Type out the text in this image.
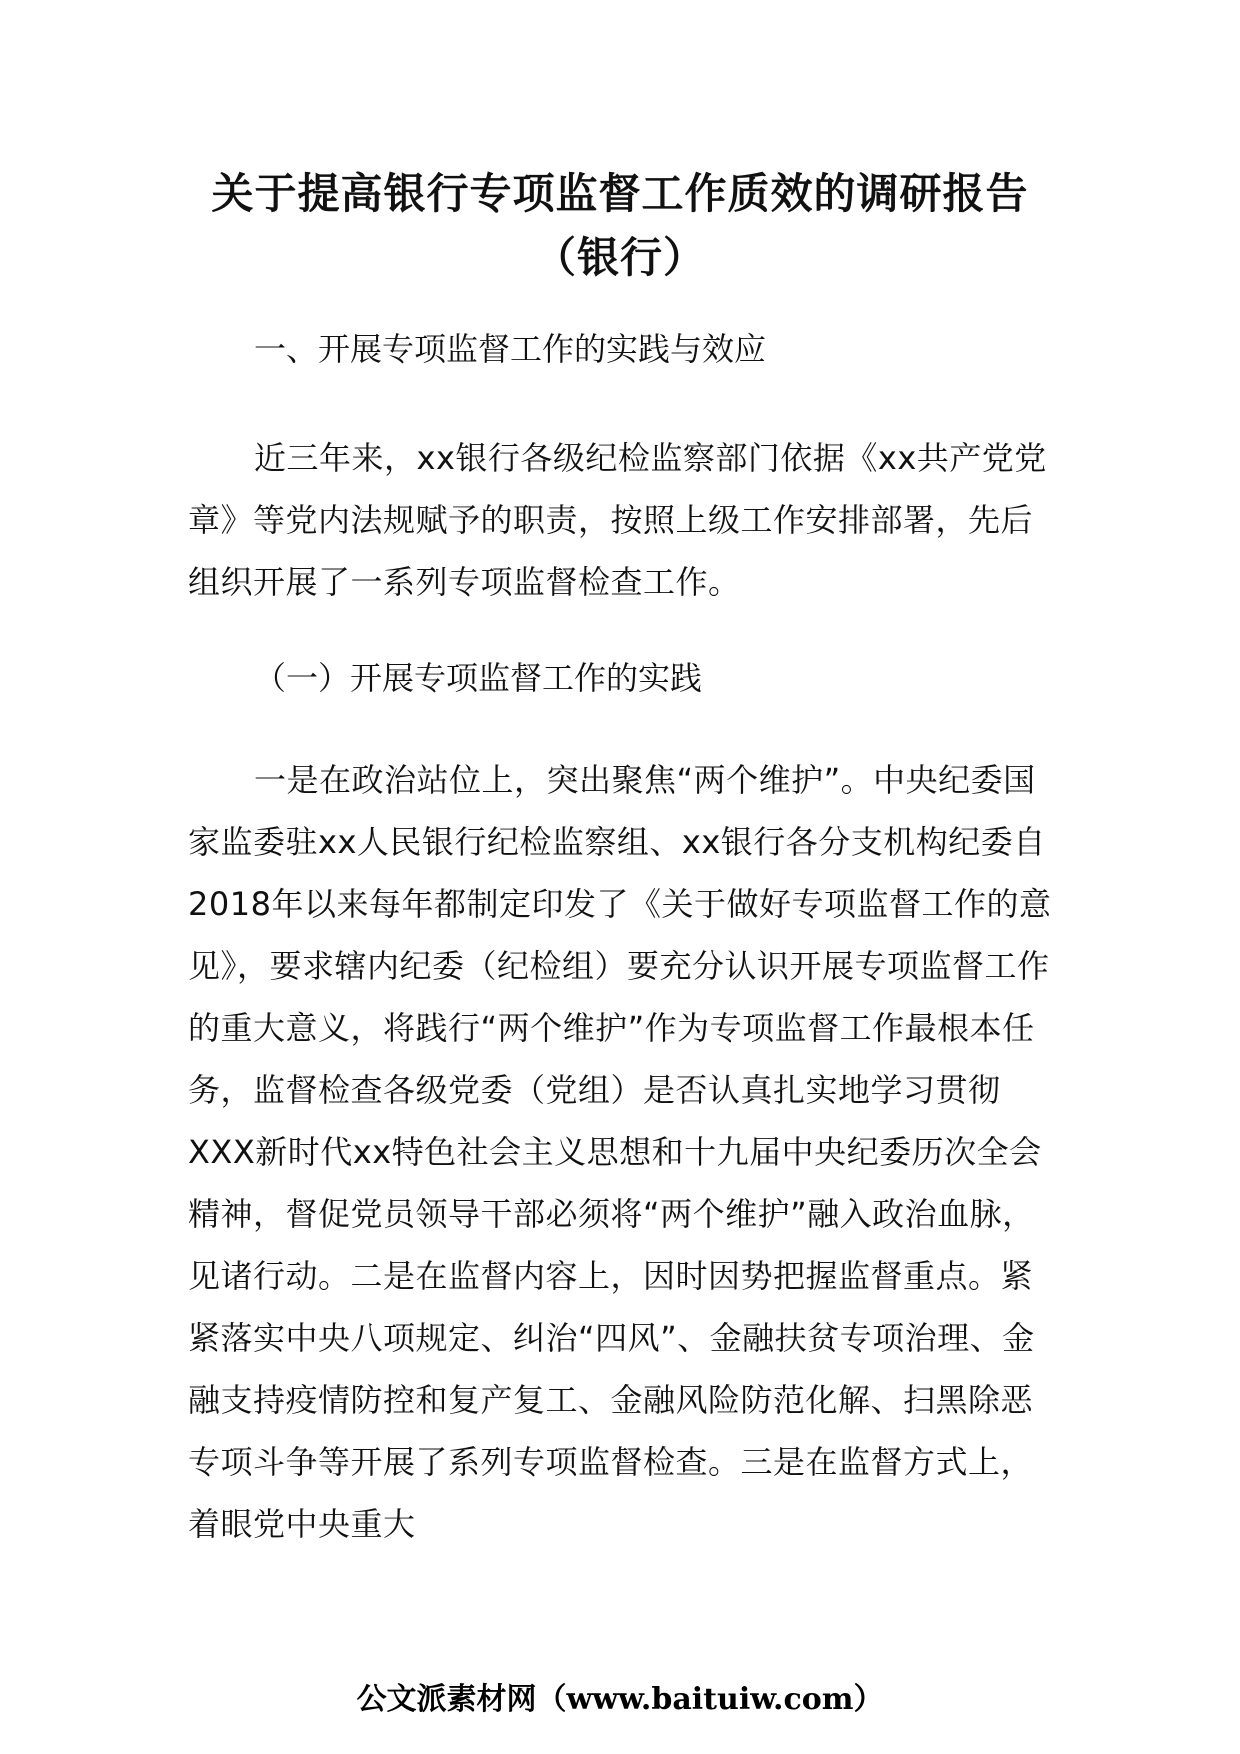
关于提高银行专项监督工作质效的调研报告（银行）
一、开展专项监督工作的实践与效应

近三年来，xx银行各级纪检监察部门依据《xx共产党党章》等党内法规赋予的职责，按照上级工作安排部署，先后组织开展了一系列专项监督检查工作。

（一）开展专项监督工作的实践

一是在政治站位上，突出聚焦“两个维护”。中央纪委国家监委驻xx人民银行纪检监察组、xx银行各分支机构纪委自2018年以来每年都制定印发了《关于做好专项监督工作的意见》，要求辖内纪委（纪检组）要充分认识开展专项监督工作的重大意义，将践行“两个维护”作为专项监督工作最根本任务，监督检查各级党委（党组）是否认真扎实地学习贯彻XXX新时代xx特色社会主义思想和十九届中央纪委历次全会精神，督促党员领导干部必须将“两个维护”融入政治血脉，见诸行动。二是在监督内容上，因时因势把握监督重点。紧紧落实中央八项规定、纠治“四风”、金融扶贫专项治理、金融支持疫情防控和复产复工、金融风险防范化解、扫黑除恶专项斗争等开展了系列专项监督检查。三是在监督方式上，着眼党中央重大

公文派素材网（www.baituiw.com）
